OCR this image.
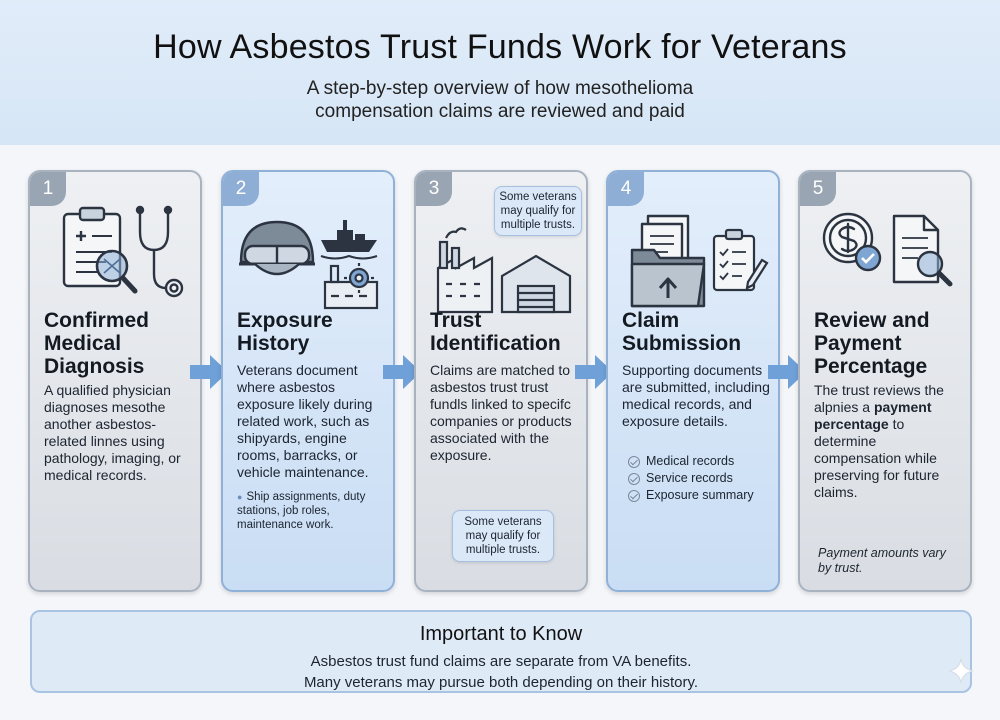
How Asbestos Trust Funds Work for Veterans
A step-by-step overview of how mesothelioma compensation claims are reviewed and paid
1
Confirmed Medical Diagnosis
A qualified physician diagnoses mesothe another asbestos-related linnes using pathology, imaging, or medical records.
2
Exposure History
Veterans document where asbestos exposure likely during related work, such as shipyards, engine rooms, barracks, or vehicle maintenance.
● Ship assignments, duty stations, job roles, maintenance work.
3	Some veterans may qualify for multiple trusts.
Trust Identification
Claims are matched to asbestos trust trust fundls linked to specifc companies or products associated with the exposure.
Some veterans may qualify for multiple trusts.
4
Claim Submission
Supporting documents are submitted, including medical records, and exposure details.
Medical records
Service records
Exposure summary
5
Review and Payment Percentage
The trust reviews the alpnies a payment percentage to determine compensation while preserving for future claims.
Payment amounts vary by trust.
Important to Know

Asbestos trust fund claims are separate from VA benefits.

Many veterans may pursue both depending on their history.
